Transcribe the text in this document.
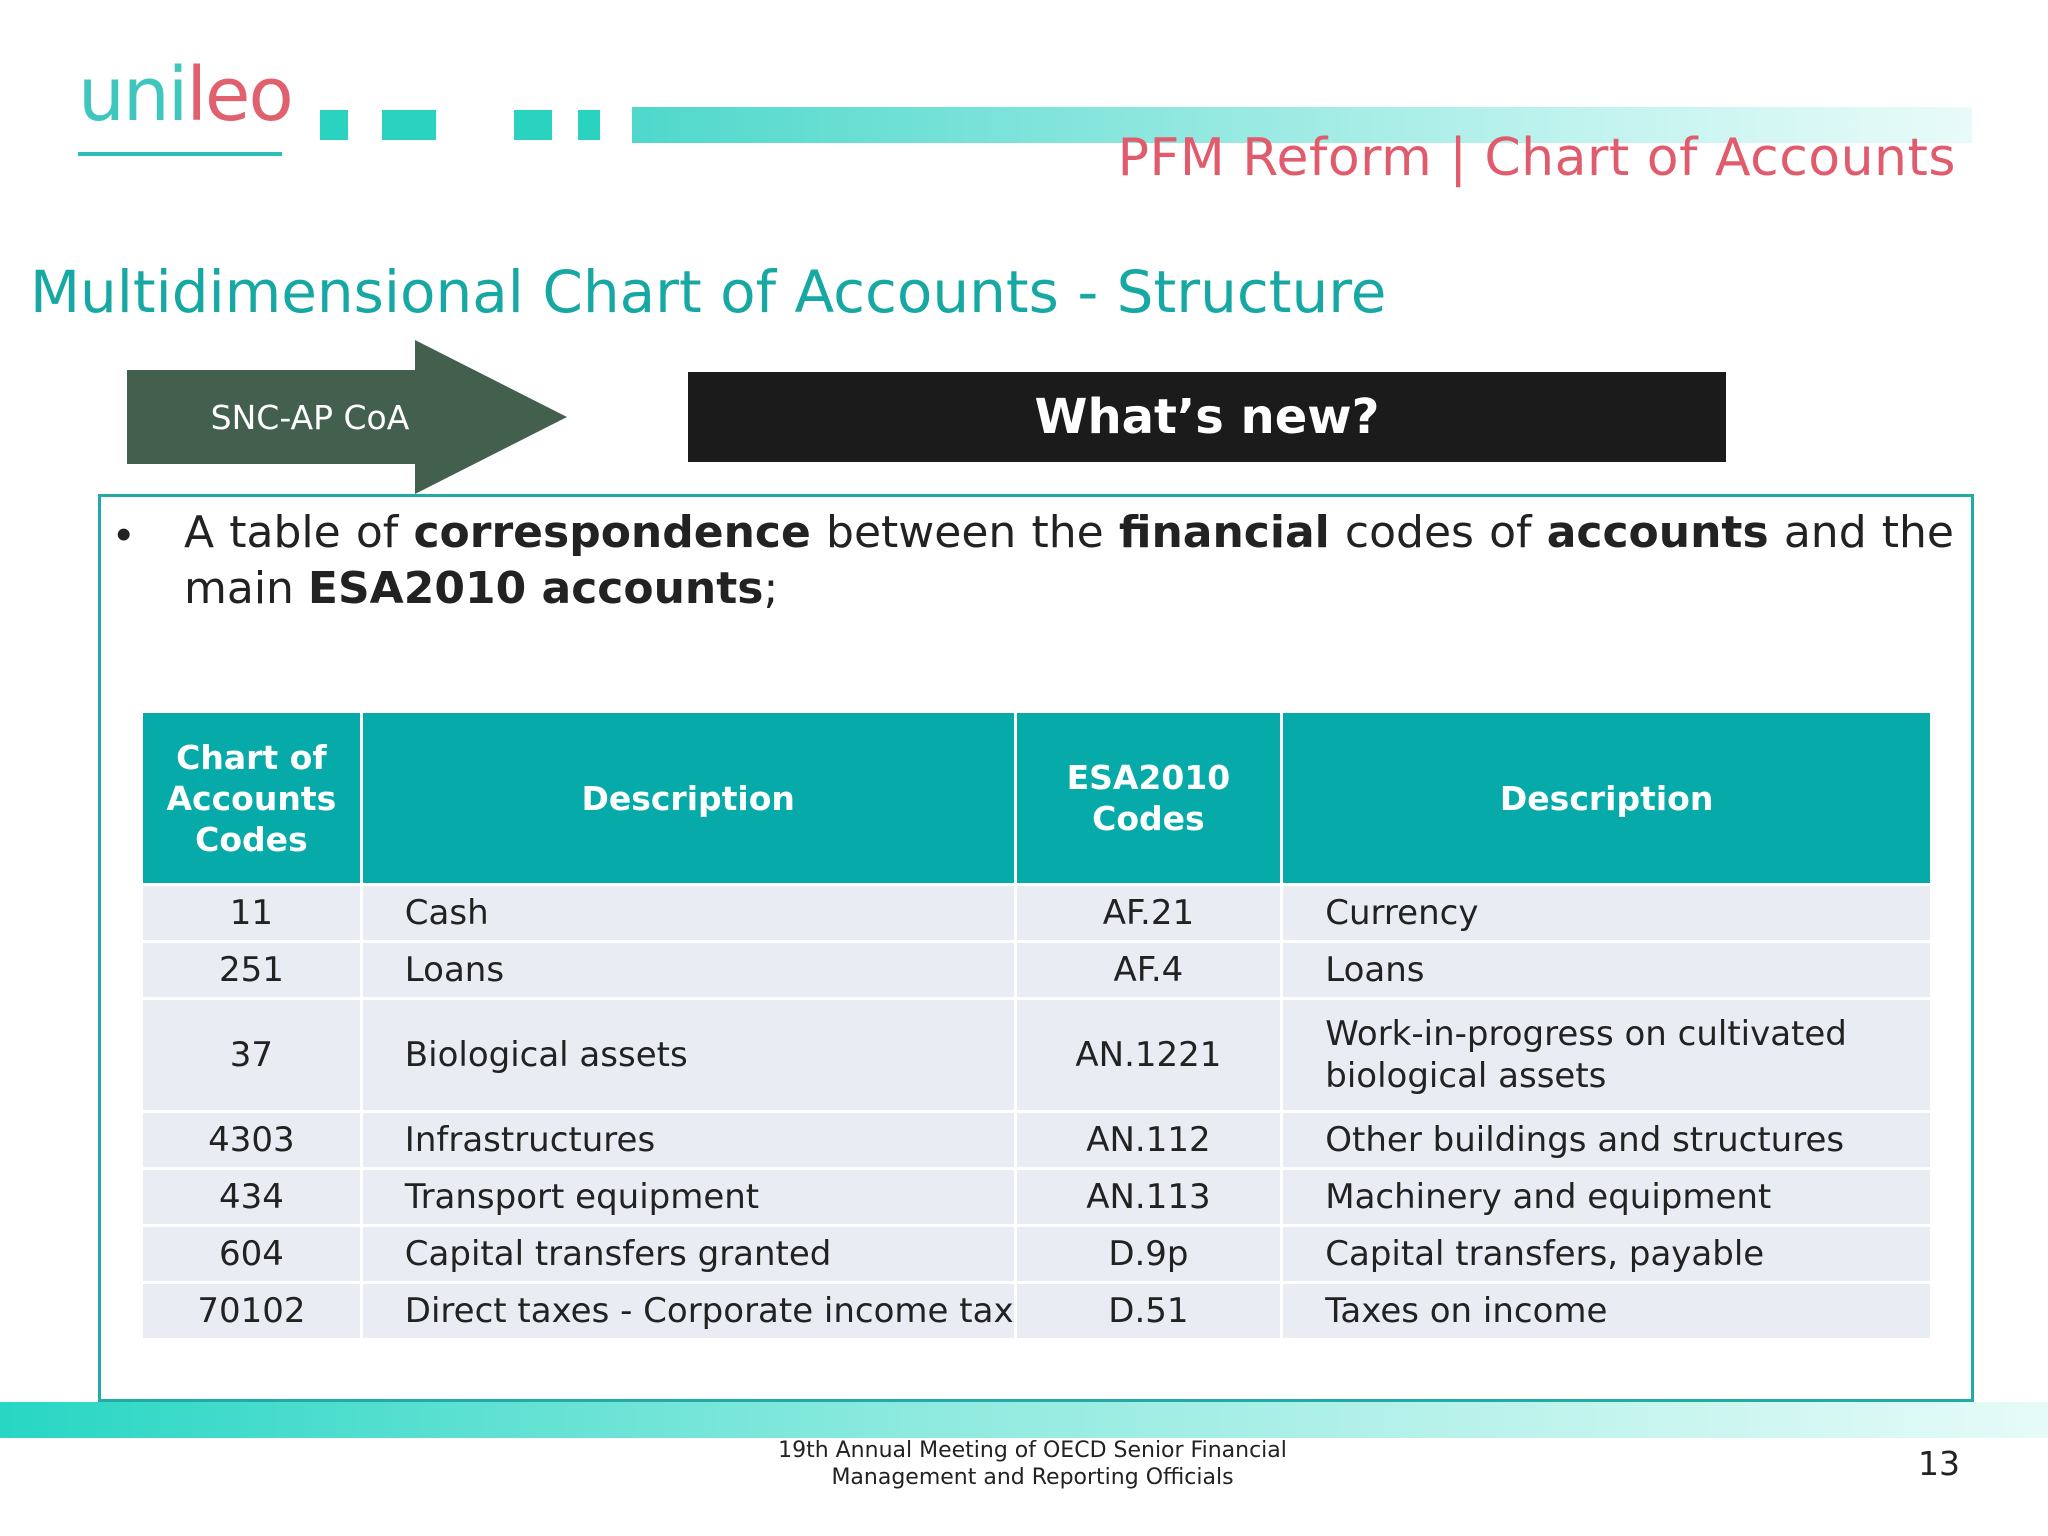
unileo
PFM Reform | Chart of Accounts
Multidimensional Chart of Accounts - Structure
SNC-AP CoA	What’s new?
• A table of correspondence between the financial codes of accounts and the main ESA2010 accounts;
Chart of Accounts Codes	Description	ESA2010 Codes	Description
11	Cash	AF.21	Currency
251	Loans	AF.4	Loans
37	Biological assets	AN.1221	Work-in-progress on cultivated biological assets
4303	Infrastructures	AN.112	Other buildings and structures
434	Transport equipment	AN.113	Machinery and equipment
604	Capital transfers granted	D.9p	Capital transfers, payable
70102	Direct taxes - Corporate income tax	D.51	Taxes on income
19th Annual Meeting of OECD Senior Financial Management and Reporting Officials	13
